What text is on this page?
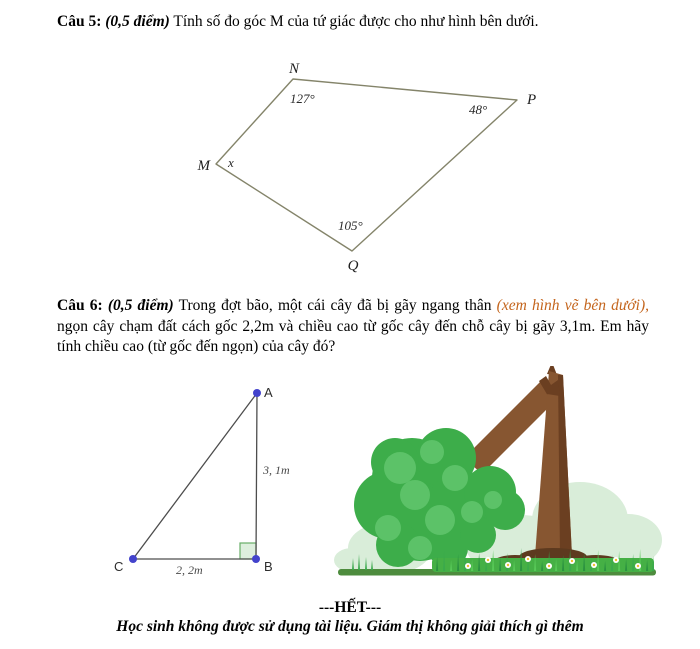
Câu 5: (0,5 điểm) Tính số đo góc M của tứ giác được cho như hình bên dưới.
N
P
M
Q
127°
48°
x
105°
Câu 6: (0,5 điểm) Trong đợt bão, một cái cây đã bị gãy ngang thân (xem hình vẽ bên dưới), ngọn cây chạm đất cách gốc 2,2m và chiều cao từ gốc cây đến chỗ cây bị gãy 3,1m. Em hãy tính chiều cao (từ gốc đến ngọn) của cây đó?
A
B
C
3, 1m
2, 2m
---HẾT---
Học sinh không được sử dụng tài liệu. Giám thị không giải thích gì thêm
